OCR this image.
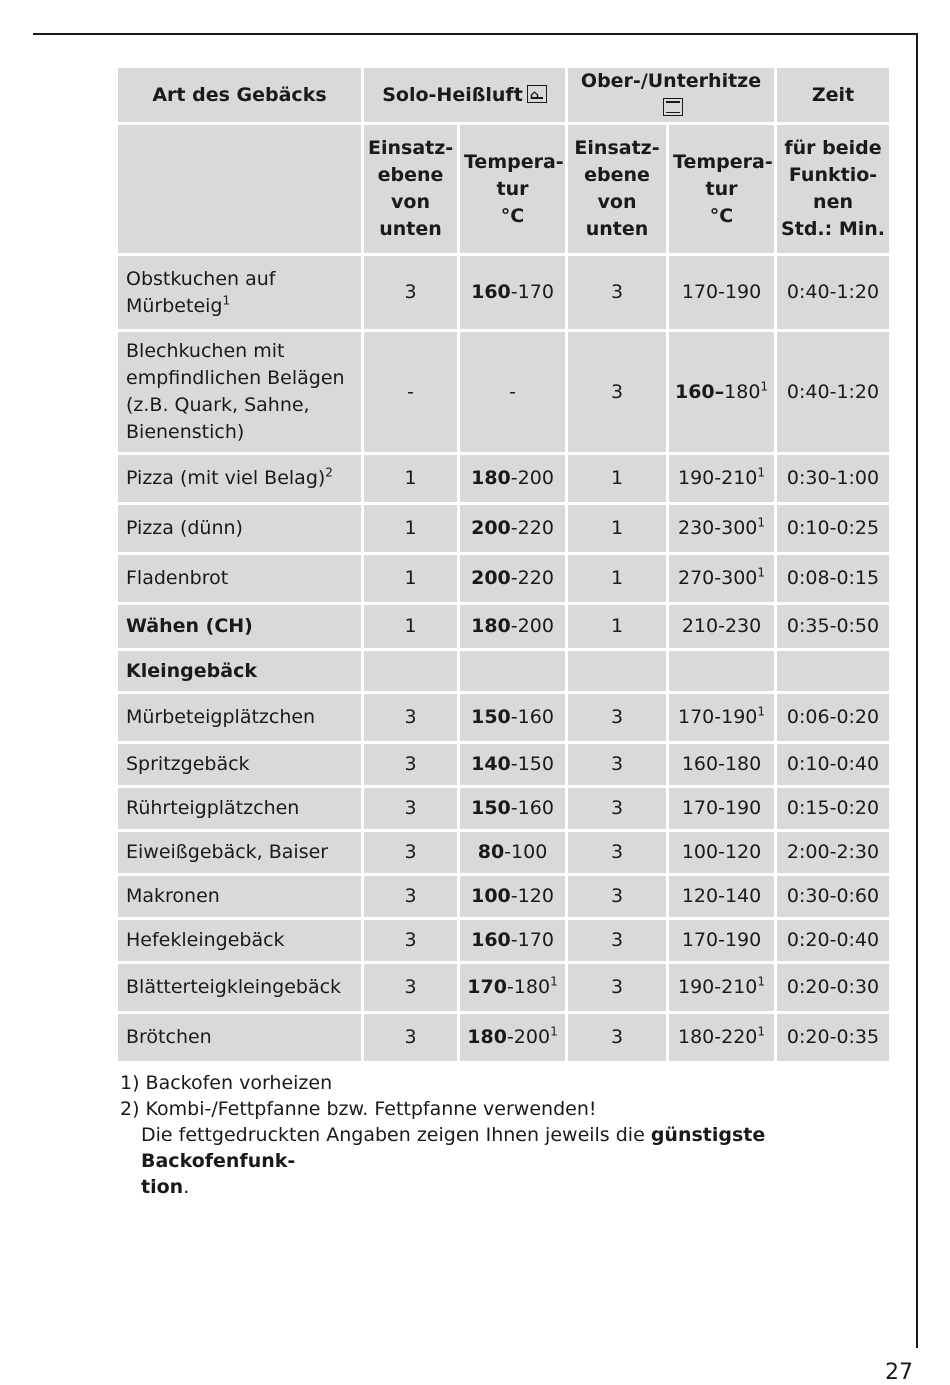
Art des Gebäcks	Solo-Heißluft⌂		Ober-/Unterhitze		Zeit
	Einsatz-
ebene
von
unten	Tempera-
tur
°C	Einsatz-
ebene
von
unten	Tempera-
tur
°C	für beide
Funktio-
nen
Std.: Min.
Obstkuchen auf Mürbeteig$^1$	3	160-170	3	170-190	0:40-1:20
Blechkuchen mit empfindlichen Belägen (z.B. Quark, Sahne, Bienenstich)	-	-	3	$160-180^1$	0:40-1:20
Pizza (mit viel Belag)$^2$	1	180-200	1	$190-210^1$	0:30-1:00
Pizza (dünn)	1	200-220	1	$230-300^1$	0:10-0:25
Fladenbrot	1	200-220	1	$270-300^1$	0:08-0:15
Wähen (CH)	1	180-200	1	210-230	0:35-0:50
Kleingebäck					
Mürbeteigplätzchen	3	150-160	3	$170-190^1$	0:06-0:20
Spritzgebäck	3	140-150	3	160-180	0:10-0:40
Rührteigplätzchen	3	150-160	3	170-190	0:15-0:20
Eiweißgebäck, Baiser	3	80-100	3	100-120	2:00-2:30
Makronen	3	100-120	3	120-140	0:30-0:60
Hefekleingebäck	3	160-170	3	170-190	0:20-0:40
Blätterteigkleingebäck	3	$170-180^1$	3	$190-210^1$	0:20-0:30
Brötchen	3	$180-200^1$	3	$180-220^1$	0:20-0:35

1) Backofen vorheizen

2) Kombi-/Fettpfanne bzw. Fettpfanne verwenden!

Die fettgedruckten Angaben zeigen Ihnen jeweils die günstigste Backofenfunk-
tion.

27
